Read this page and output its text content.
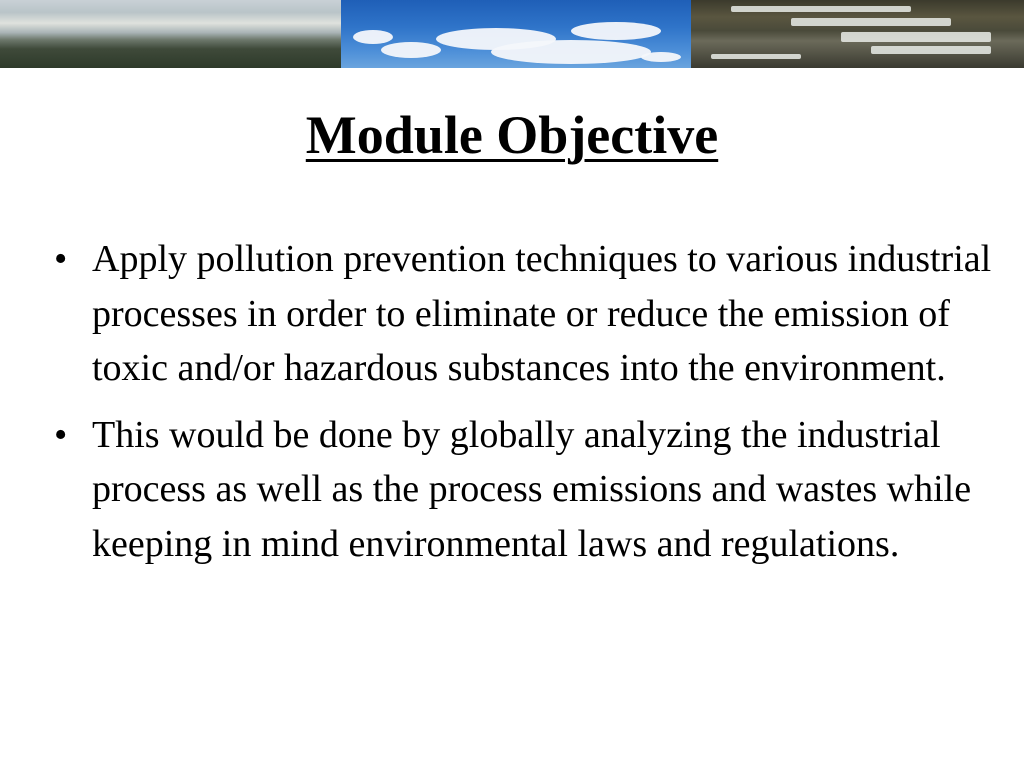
Module Objective
• Apply pollution prevention techniques to various industrial processes in order to eliminate or reduce the emission of toxic and/or hazardous substances into the environment.
• This would be done by globally analyzing the industrial process as well as the process emissions and wastes while keeping in mind environmental laws and regulations.
